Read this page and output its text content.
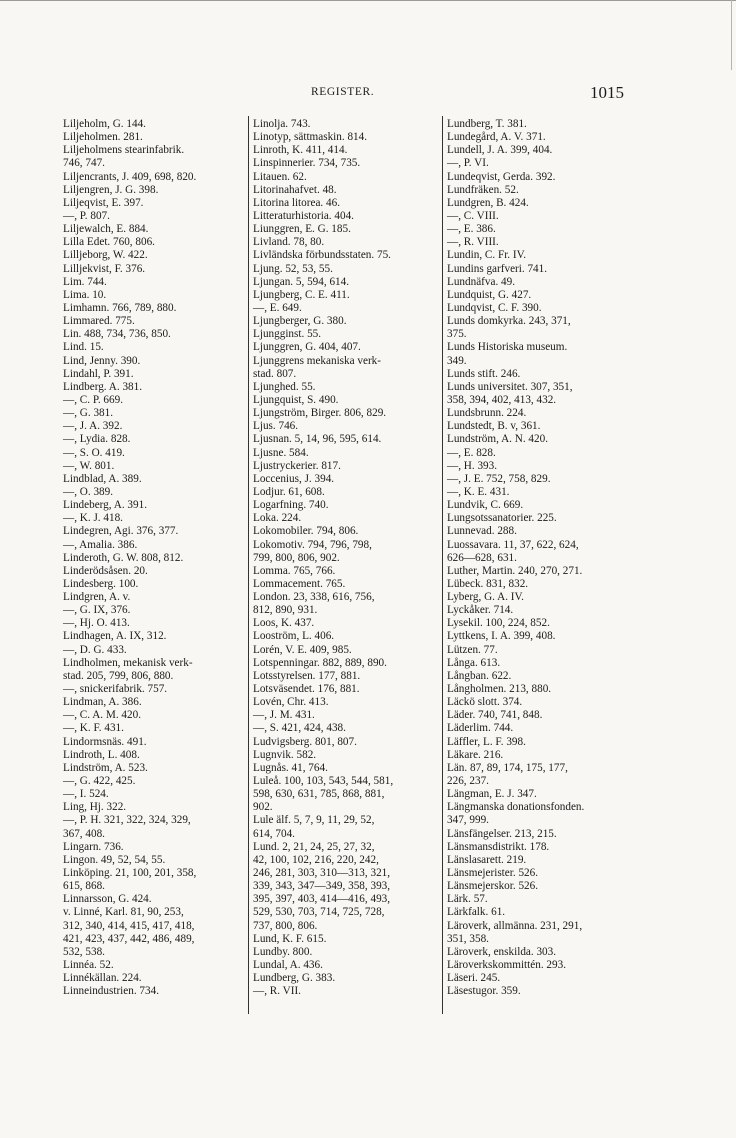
REGISTER.	1015
Liljeholm, G. 144.
Liljeholmen. 281.
Liljeholmens stearinfabrik.
746, 747.
Liljencrants, J. 409, 698, 820.
Liljengren, J. G. 398.
Liljeqvist, E. 397.
—, P. 807.
Liljewalch, E. 884.
Lilla Edet. 760, 806.
Lilljeborg, W. 422.
Lilljekvist, F. 376.
Lim. 744.
Lima. 10.
Limhamn. 766, 789, 880.
Limmared. 775.
Lin. 488, 734, 736, 850.
Lind. 15.
Lind, Jenny. 390.
Lindahl, P. 391.
Lindberg. A. 381.
—, C. P. 669.
—, G. 381.
—, J. A. 392.
—, Lydia. 828.
—, S. O. 419.
—, W. 801.
Lindblad, A. 389.
—, O. 389.
Lindeberg, A. 391.
—, K. J. 418.
Lindegren, Agi. 376, 377.
—, Amalia. 386.
Linderoth, G. W. 808, 812.
Linderödsåsen. 20.
Lindesberg. 100.
Lindgren, A. v.
—, G. IX, 376.
—, Hj. O. 413.
Lindhagen, A. IX, 312.
—, D. G. 433.
Lindholmen, mekanisk verk-
stad. 205, 799, 806, 880.
—, snickerifabrik. 757.
Lindman, A. 386.
—, C. A. M. 420.
—, K. F. 431.
Lindormsnäs. 491.
Lindroth, L. 408.
Lindström, A. 523.
—, G. 422, 425.
—, I. 524.
Ling, Hj. 322.
—, P. H. 321, 322, 324, 329,
367, 408.
Lingarn. 736.
Lingon. 49, 52, 54, 55.
Linköping. 21, 100, 201, 358,
615, 868.
Linnarsson, G. 424.
v. Linné, Karl. 81, 90, 253,
312, 340, 414, 415, 417, 418,
421, 423, 437, 442, 486, 489,
532, 538.
Linnéa. 52.
Linnékällan. 224.
Linneindustrien. 734.
Linolja. 743.
Linotyp, sättmaskin. 814.
Linroth, K. 411, 414.
Linspinnerier. 734, 735.
Litauen. 62.
Litorinahafvet. 48.
Litorina litorea. 46.
Litteraturhistoria. 404.
Liunggren, E. G. 185.
Livland. 78, 80.
Livländska förbundsstaten. 75.
Ljung. 52, 53, 55.
Ljungan. 5, 594, 614.
Ljungberg, C. E. 411.
—, E. 649.
Ljungberger, G. 380.
Ljungginst. 55.
Ljunggren, G. 404, 407.
Ljunggrens mekaniska verk-
stad. 807.
Ljunghed. 55.
Ljungquist, S. 490.
Ljungström, Birger. 806, 829.
Ljus. 746.
Ljusnan. 5, 14, 96, 595, 614.
Ljusne. 584.
Ljustryckerier. 817.
Loccenius, J. 394.
Lodjur. 61, 608.
Logarfning. 740.
Loka. 224.
Lokomobiler. 794, 806.
Lokomotiv. 794, 796, 798,
799, 800, 806, 902.
Lomma. 765, 766.
Lommacement. 765.
London. 23, 338, 616, 756,
812, 890, 931.
Loos, K. 437.
Looström, L. 406.
Lorén, V. E. 409, 985.
Lotspenningar. 882, 889, 890.
Lotsstyrelsen. 177, 881.
Lotsväsendet. 176, 881.
Lovén, Chr. 413.
—, J. M. 431.
—, S. 421, 424, 438.
Ludvigsberg. 801, 807.
Lugnvik. 582.
Lugnås. 41, 764.
Luleå. 100, 103, 543, 544, 581,
598, 630, 631, 785, 868, 881,
902.
Lule älf. 5, 7, 9, 11, 29, 52,
614, 704.
Lund. 2, 21, 24, 25, 27, 32,
42, 100, 102, 216, 220, 242,
246, 281, 303, 310—313, 321,
339, 343, 347—349, 358, 393,
395, 397, 403, 414—416, 493,
529, 530, 703, 714, 725, 728,
737, 800, 806.
Lund, K. F. 615.
Lundby. 800.
Lundal, A. 436.
Lundberg, G. 383.
—, R. VII.
Lundberg, T. 381.
Lundegård, A. V. 371.
Lundell, J. A. 399, 404.
—, P. VI.
Lundeqvist, Gerda. 392.
Lundfräken. 52.
Lundgren, B. 424.
—, C. VIII.
—, E. 386.
—, R. VIII.
Lundin, C. Fr. IV.
Lundins garfveri. 741.
Lundnäfva. 49.
Lundquist, G. 427.
Lundqvist, C. F. 390.
Lunds domkyrka. 243, 371,
375.
Lunds Historiska museum.
349.
Lunds stift. 246.
Lunds universitet. 307, 351,
358, 394, 402, 413, 432.
Lundsbrunn. 224.
Lundstedt, B. v, 361.
Lundström, A. N. 420.
—, E. 828.
—, H. 393.
—, J. E. 752, 758, 829.
—, K. E. 431.
Lundvik, C. 669.
Lungsotssanatorier. 225.
Lunnevad. 288.
Luossavara. 11, 37, 622, 624,
626—628, 631.
Luther, Martin. 240, 270, 271.
Lübeck. 831, 832.
Lyberg, G. A. IV.
Lyckåker. 714.
Lysekil. 100, 224, 852.
Lyttkens, I. A. 399, 408.
Lützen. 77.
Långa. 613.
Långban. 622.
Långholmen. 213, 880.
Läckö slott. 374.
Läder. 740, 741, 848.
Läderlim. 744.
Läffler, L. F. 398.
Läkare. 216.
Län. 87, 89, 174, 175, 177,
226, 237.
Längman, E. J. 347.
Längmanska donationsfonden.
347, 999.
Länsfängelser. 213, 215.
Länsmansdistrikt. 178.
Länslasarett. 219.
Länsmejerister. 526.
Länsmejerskor. 526.
Lärk. 57.
Lärkfalk. 61.
Läroverk, allmänna. 231, 291,
351, 358.
Läroverk, enskilda. 303.
Läroverkskommittén. 293.
Läseri. 245.
Läsestugor. 359.
